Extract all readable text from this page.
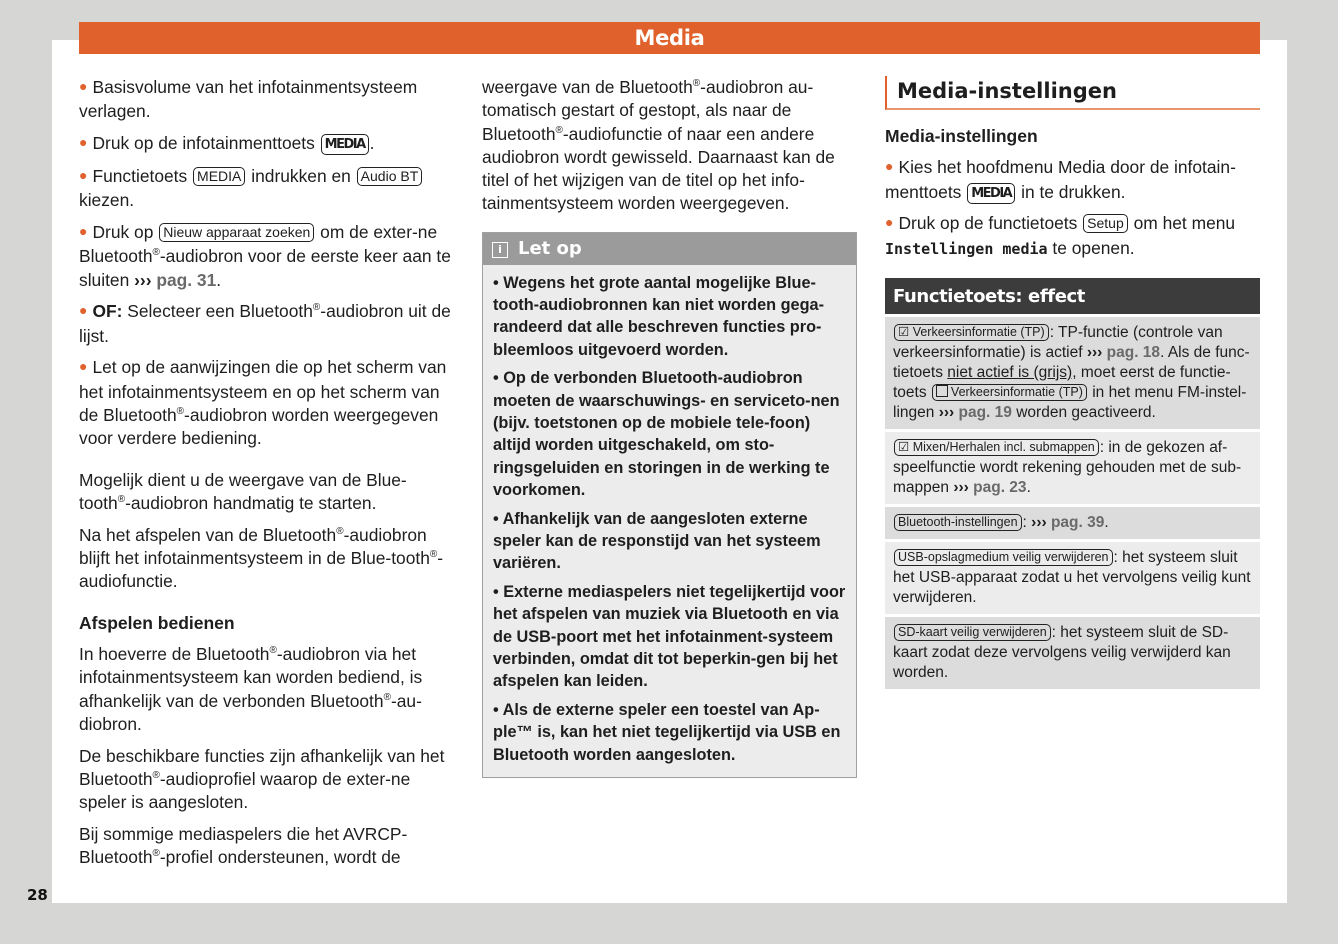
Media
28

● Basisvolume van het infotainmentsysteem verlagen.

● Druk op de infotainmenttoets MEDIA .

● Functietoets MEDIA indrukken en Audio BT kiezen.

● Druk op Nieuw apparaat zoeken om de exter-ne Bluetooth®-audiobron voor de eerste keer aan te sluiten ››› pag. 31.

● OF: Selecteer een Bluetooth®-audiobron uit de lijst.

● Let op de aanwijzingen die op het scherm van het infotainmentsysteem en op het scherm van de Bluetooth®-audiobron worden weergegeven voor verdere bediening.

Mogelijk dient u de weergave van de Blue-tooth®-audiobron handmatig te starten.

Na het afspelen van de Bluetooth®-audiobron blijft het infotainmentsysteem in de Blue-tooth®-audiofunctie.

Afspelen bedienen

In hoeverre de Bluetooth®-audiobron via het infotainmentsysteem kan worden bediend, is afhankelijk van de verbonden Bluetooth®-au-diobron.

De beschikbare functies zijn afhankelijk van het Bluetooth®-audioprofiel waarop de exter-ne speler is aangesloten.

Bij sommige mediaspelers die het AVRCP-Bluetooth®-profiel ondersteunen, wordt de

weergave van de Bluetooth®-audiobron au-tomatisch gestart of gestopt, als naar de Bluetooth®-audiofunctie of naar een andere audiobron wordt gewisseld. Daarnaast kan de titel of het wijzigen van de titel op het info-tainmentsysteem worden weergegeven.

i Let op

• Wegens het grote aantal mogelijke Blue-tooth-audiobronnen kan niet worden gega-randeerd dat alle beschreven functies pro-bleemloos uitgevoerd worden.

• Op de verbonden Bluetooth-audiobron moeten de waarschuwings- en serviceto-nen (bijv. toetstonen op de mobiele tele-foon) altijd worden uitgeschakeld, om sto-ringsgeluiden en storingen in de werking te voorkomen.

• Afhankelijk van de aangesloten externe speler kan de responstijd van het systeem variëren.

• Externe mediaspelers niet tegelijkertijd voor het afspelen van muziek via Bluetooth en via de USB-poort met het infotainment-systeem verbinden, omdat dit tot beperkin-gen bij het afspelen kan leiden.

• Als de externe speler een toestel van Ap-ple™ is, kan het niet tegelijkertijd via USB en Bluetooth worden aangesloten.

Media-instellingen
Media-instellingen

● Kies het hoofdmenu Media door de infotain-menttoets MEDIA in te drukken.

● Druk op de functietoets Setup om het menu Instellingen media te openen.

Functietoets: effect
☑ Verkeersinformatie (TP) : TP-functie (controle van verkeersinformatie) is actief ››› pag. 18. Als de func-tietoets niet actief is (grijs), moet eerst de functie-toets Verkeersinformatie (TP) in het menu FM-instel-lingen ››› pag. 19 worden geactiveerd.
☑ Mixen/Herhalen incl. submappen : in de gekozen af-speelfunctie wordt rekening gehouden met de sub-mappen ››› pag. 23.
Bluetooth-instellingen : ››› pag. 39.
USB-opslagmedium veilig verwijderen : het systeem sluit het USB-apparaat zodat u het vervolgens veilig kunt verwijderen.
SD-kaart veilig verwijderen : het systeem sluit de SD-kaart zodat deze vervolgens veilig verwijderd kan worden.
